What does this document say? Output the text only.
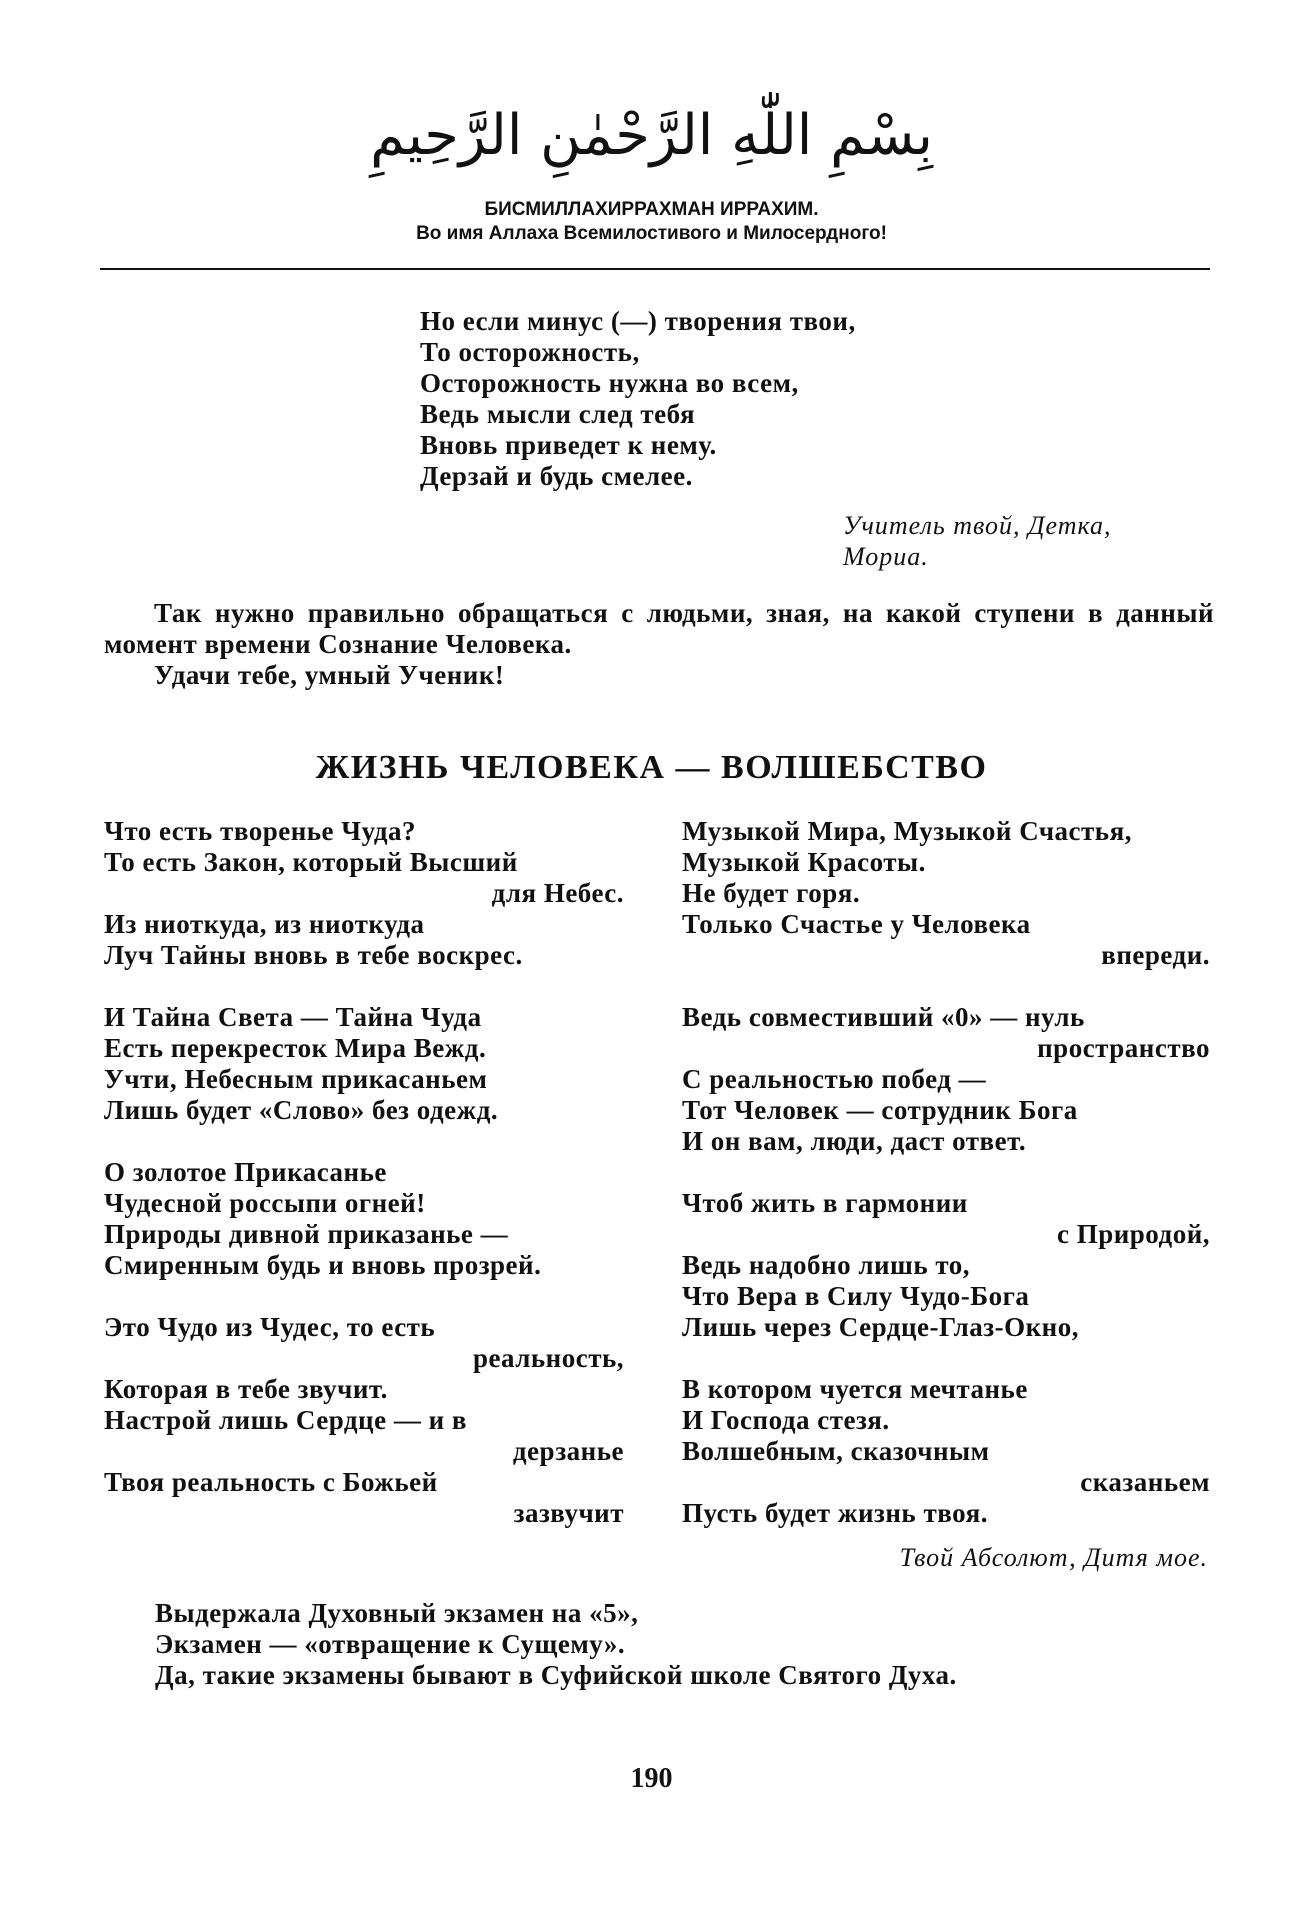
بِسْمِ اللّٰهِ الرَّحْمٰنِ الرَّحِيمِ
БИСМИЛЛАХИРРАХМАН ИРРАХИМ.
Во имя Аллаха Всемилостивого и Милосердного!
Но если минус (—) творения твои,
То осторожность,
Осторожность нужна во всем,
Ведь мысли след тебя
Вновь приведет к нему.
Дерзай и будь смелее.
Учитель твой, Детка,
Мориа.

Так нужно правильно обращаться с людьми, зная, на какой ступени в данный момент времени Сознание Человека.

Удачи тебе, умный Ученик!

ЖИЗНЬ ЧЕЛОВЕКА — ВОЛШЕБСТВО
Что есть творенье Чуда?
То есть Закон, который Высший
для Небес.
Из ниоткуда, из ниоткуда
Луч Тайны вновь в тебе воскрес.
И Тайна Света — Тайна Чуда
Есть перекресток Мира Вежд.
Учти, Небесным прикасаньем
Лишь будет «Слово» без одежд.
О золотое Прикасанье
Чудесной россыпи огней!
Природы дивной приказанье —
Смиренным будь и вновь прозрей.
Это Чудо из Чудес, то есть
реальность,
Которая в тебе звучит.
Настрой лишь Сердце — и в
дерзанье
Твоя реальность с Божьей
зазвучит
Музыкой Мира, Музыкой Счастья,
Музыкой Красоты.
Не будет горя.
Только Счастье у Человека
впереди.
Ведь совместивший «0» — нуль
пространство
С реальностью побед —
Тот Человек — сотрудник Бога
И он вам, люди, даст ответ.
Чтоб жить в гармонии
с Природой,
Ведь надобно лишь то,
Что Вера в Силу Чудо-Бога
Лишь через Сердце-Глаз-Окно,
В котором чуется мечтанье
И Господа стезя.
Волшебным, сказочным
сказаньем
Пусть будет жизнь твоя.
Твой Абсолют, Дитя мое.
Выдержала Духовный экзамен на «5»,
Экзамен — «отвращение к Сущему».
Да, такие экзамены бывают в Суфийской школе Святого Духа.
190
